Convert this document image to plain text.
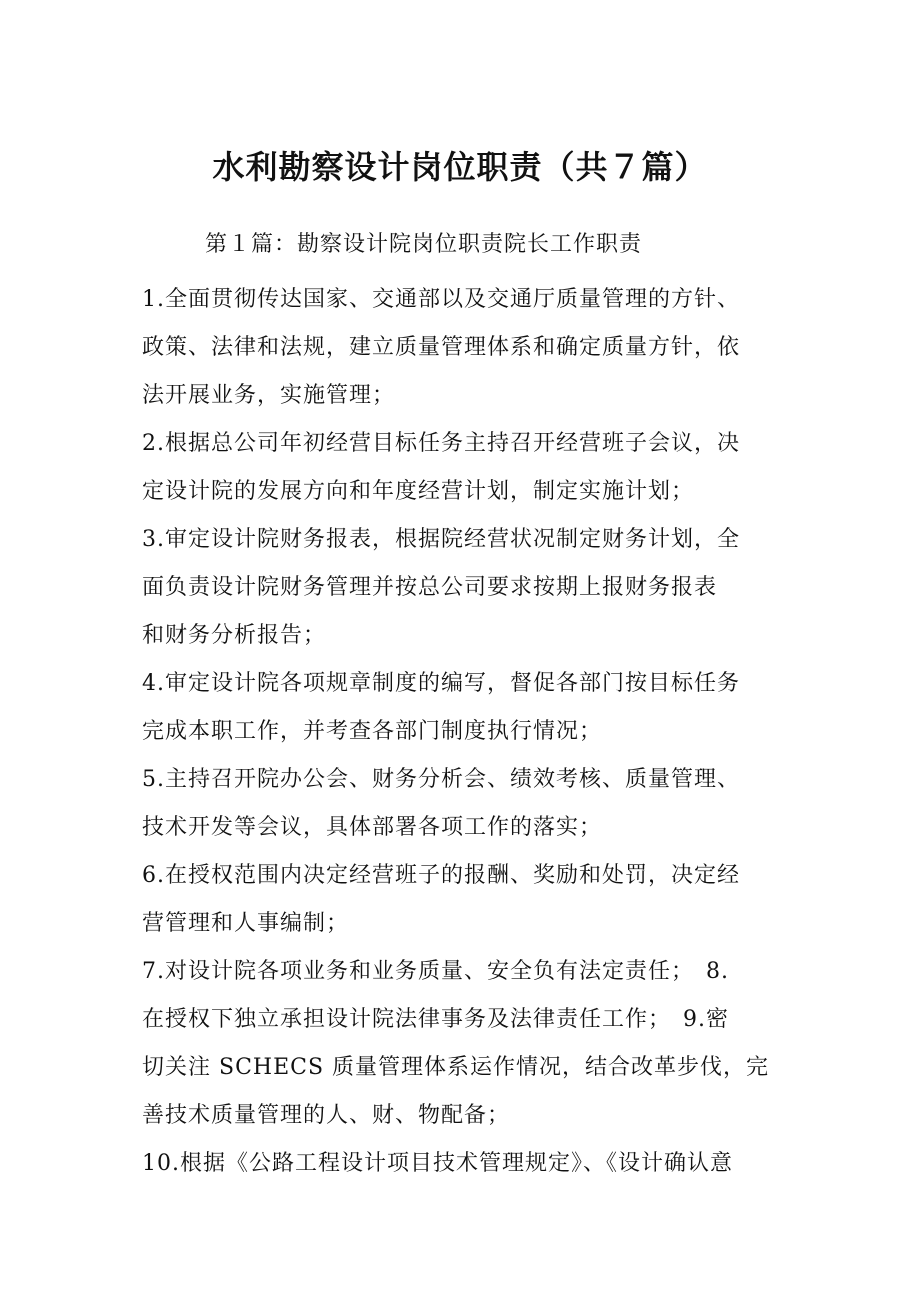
水利勘察设计岗位职责（共７篇）
第１篇：勘察设计院岗位职责院长工作职责
1.全面贯彻传达国家、交通部以及交通厅质量管理的方针、
政策、法律和法规，建立质量管理体系和确定质量方针，依
法开展业务，实施管理；
2.根据总公司年初经营目标任务主持召开经营班子会议，决
定设计院的发展方向和年度经营计划，制定实施计划；
3.审定设计院财务报表，根据院经营状况制定财务计划，全
面负责设计院财务管理并按总公司要求按期上报财务报表
和财务分析报告；
4.审定设计院各项规章制度的编写，督促各部门按目标任务
完成本职工作，并考查各部门制度执行情况；
5.主持召开院办公会、财务分析会、绩效考核、质量管理、
技术开发等会议，具体部署各项工作的落实；
6.在授权范围内决定经营班子的报酬、奖励和处罚，决定经
营管理和人事编制；
7.对设计院各项业务和业务质量、安全负有法定责任；　8.
在授权下独立承担设计院法律事务及法律责任工作；　9.密
切关注 SCHECS 质量管理体系运作情况，结合改革步伐，完
善技术质量管理的人、财、物配备；
10.根据《公路工程设计项目技术管理规定》、《设计确认意
